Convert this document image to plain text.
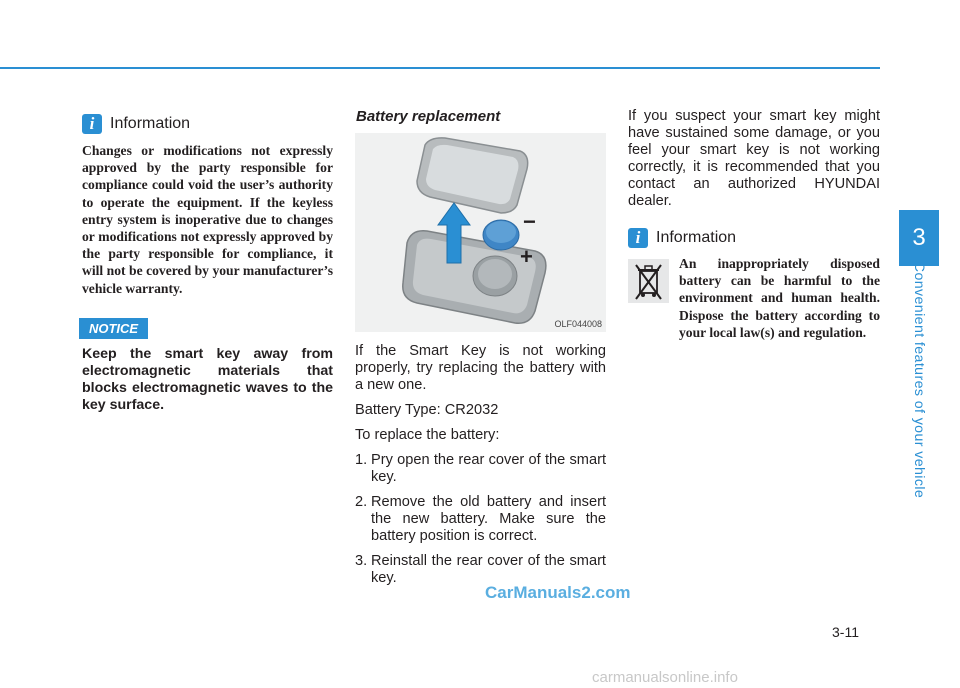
i Information
Changes or modifications not expressly approved by the party responsible for compliance could void the user’s authority to operate the equipment. If the keyless entry system is inoperative due to changes or modifications not expressly approved by the party responsible for compliance, it will not be covered by your manufacturer’s vehicle warranty.
NOTICE
Keep the smart key away from electromagnetic materials that blocks electromagnetic waves to the key surface.
Battery replacement
−
+
OLF044008

If the Smart Key is not working properly, try replacing the battery with a new one.

Battery Type: CR2032

To replace the battery:

1. Pry open the rear cover of the smart key.
2. Remove the old battery and insert the new battery. Make sure the battery position is correct.
3. Reinstall the rear cover of the smart key.
If you suspect your smart key might have sustained some damage, or you feel your smart key is not working correctly, it is recommended that you contact an authorized HYUNDAI dealer.
i Information
An inappropriately disposed battery can be harmful to the environment and human health. Dispose the battery according to your local law(s) and regulation.
3
Convenient features of your vehicle
3-11
CarManuals2.com
carmanualsonline.info
